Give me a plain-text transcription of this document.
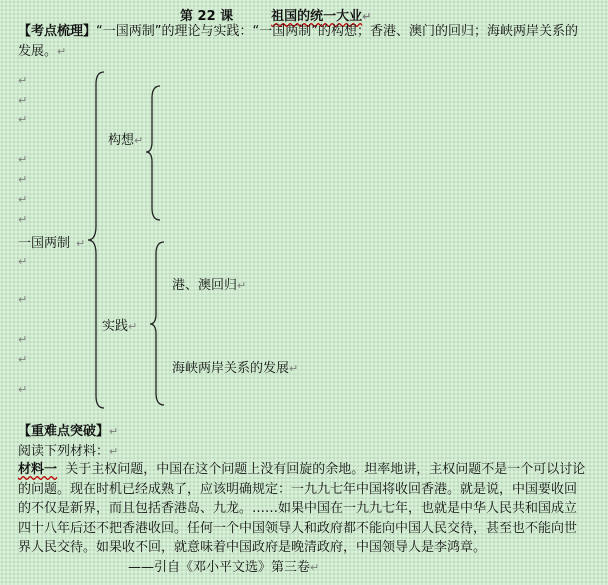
第 22 课	祖国的统一大业↵
【考点梳理】“一国两制”的理论与实践：“一国两制”的构想；香港、澳门的回归；海峡两岸关系的发展。↵
↵
↵
↵
↵
↵
↵
↵
↵
↵
↵
↵
↵
一国两制 ↵
构想↵
实践↵
港、澳回归↵
海峡两岸关系的发展↵
【重难点突破】↵
阅读下列材料：↵
材料一 关于主权问题，中国在这个问题上没有回旋的余地。坦率地讲，主权问题不是一个可以讨论的问题。现在时机已经成熟了，应该明确规定：一九九七年中国将收回香港。就是说，中国要收回的不仅是新界，而且包括香港岛、九龙。……如果中国在一九九七年，也就是中华人民共和国成立四十八年后还不把香港收回。任何一个中国领导人和政府都不能向中国人民交待，甚至也不能向世界人民交待。如果收不回，就意味着中国政府是晚清政府，中国领导人是李鸿章。——引自《邓小平文选》第三卷↵
